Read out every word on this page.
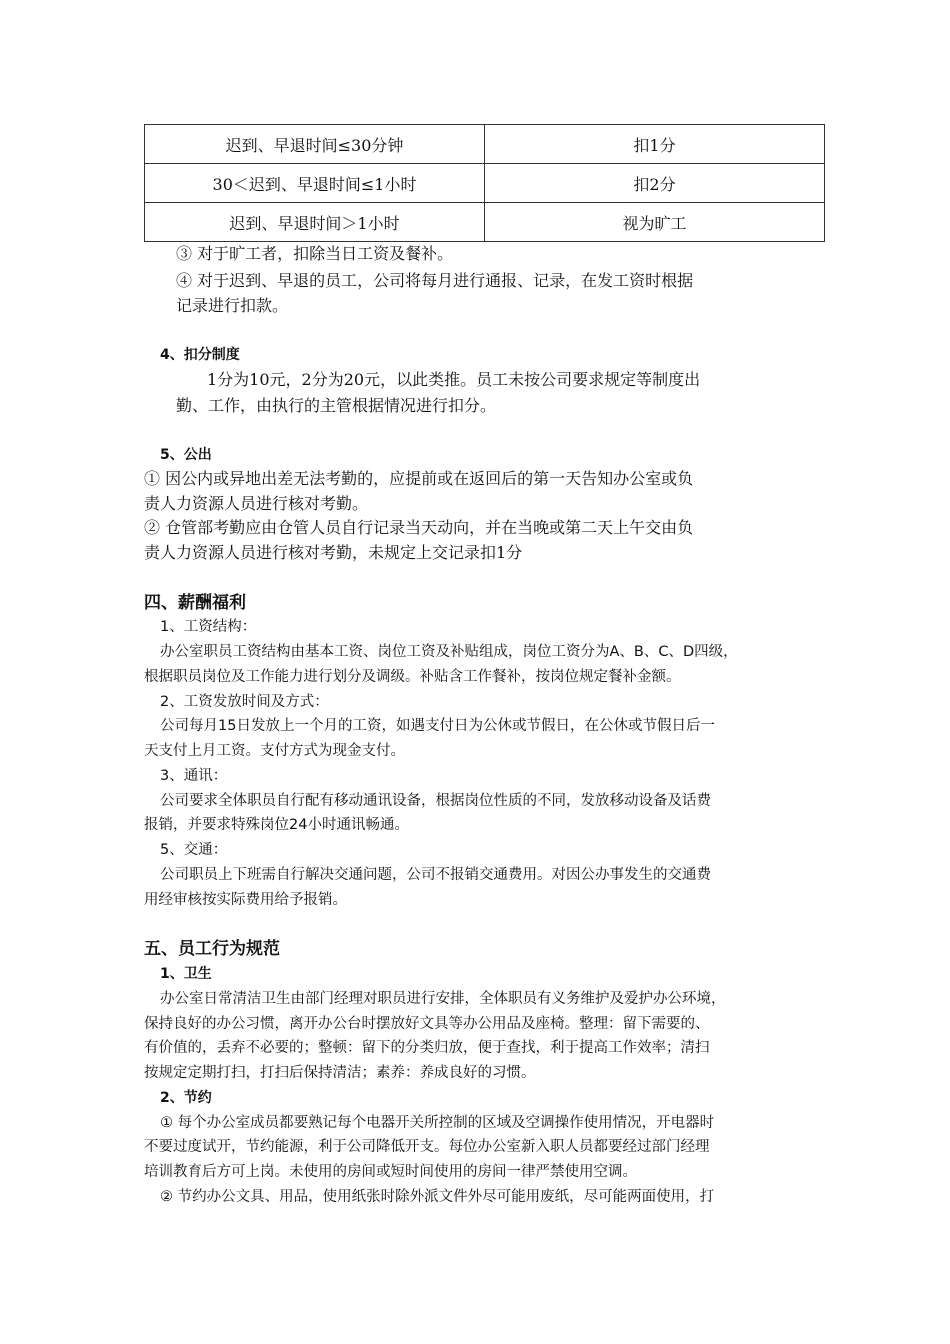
迟到、早退时间≤30分钟	扣1分
30＜迟到、早退时间≤1小时	扣2分
迟到、早退时间＞1小时	视为旷工
③ 对于旷工者，扣除当日工资及餐补。
④ 对于迟到、早退的员工，公司将每月进行通报、记录，在发工资时根据
记录进行扣款。
4、扣分制度
1分为10元，2分为20元，以此类推。员工未按公司要求规定等制度出
勤、工作，由执行的主管根据情况进行扣分。
5、公出
① 因公内或异地出差无法考勤的，应提前或在返回后的第一天告知办公室或负
责人力资源人员进行核对考勤。
② 仓管部考勤应由仓管人员自行记录当天动向，并在当晚或第二天上午交由负
责人力资源人员进行核对考勤，未规定上交记录扣1分
四、薪酬福利
1、工资结构：
办公室职员工资结构由基本工资、岗位工资及补贴组成，岗位工资分为A、B、C、D四级，
根据职员岗位及工作能力进行划分及调级。补贴含工作餐补，按岗位规定餐补金额。
2、工资发放时间及方式：
公司每月15日发放上一个月的工资，如遇支付日为公休或节假日，在公休或节假日后一
天支付上月工资。支付方式为现金支付。
3、通讯：
公司要求全体职员自行配有移动通讯设备，根据岗位性质的不同，发放移动设备及话费
报销，并要求特殊岗位24小时通讯畅通。
5、交通：
公司职员上下班需自行解决交通问题，公司不报销交通费用。对因公办事发生的交通费
用经审核按实际费用给予报销。
五、员工行为规范
1、卫生
办公室日常清洁卫生由部门经理对职员进行安排，全体职员有义务维护及爱护办公环境，
保持良好的办公习惯，离开办公台时摆放好文具等办公用品及座椅。整理：留下需要的、
有价值的，丢弃不必要的；整顿：留下的分类归放，便于查找，利于提高工作效率；清扫
按规定定期打扫，打扫后保持清洁；素养：养成良好的习惯。
2、节约
① 每个办公室成员都要熟记每个电器开关所控制的区域及空调操作使用情况，开电器时
不要过度试开，节约能源，利于公司降低开支。每位办公室新入职人员都要经过部门经理
培训教育后方可上岗。未使用的房间或短时间使用的房间一律严禁使用空调。
② 节约办公文具、用品，使用纸张时除外派文件外尽可能用废纸，尽可能两面使用，打
